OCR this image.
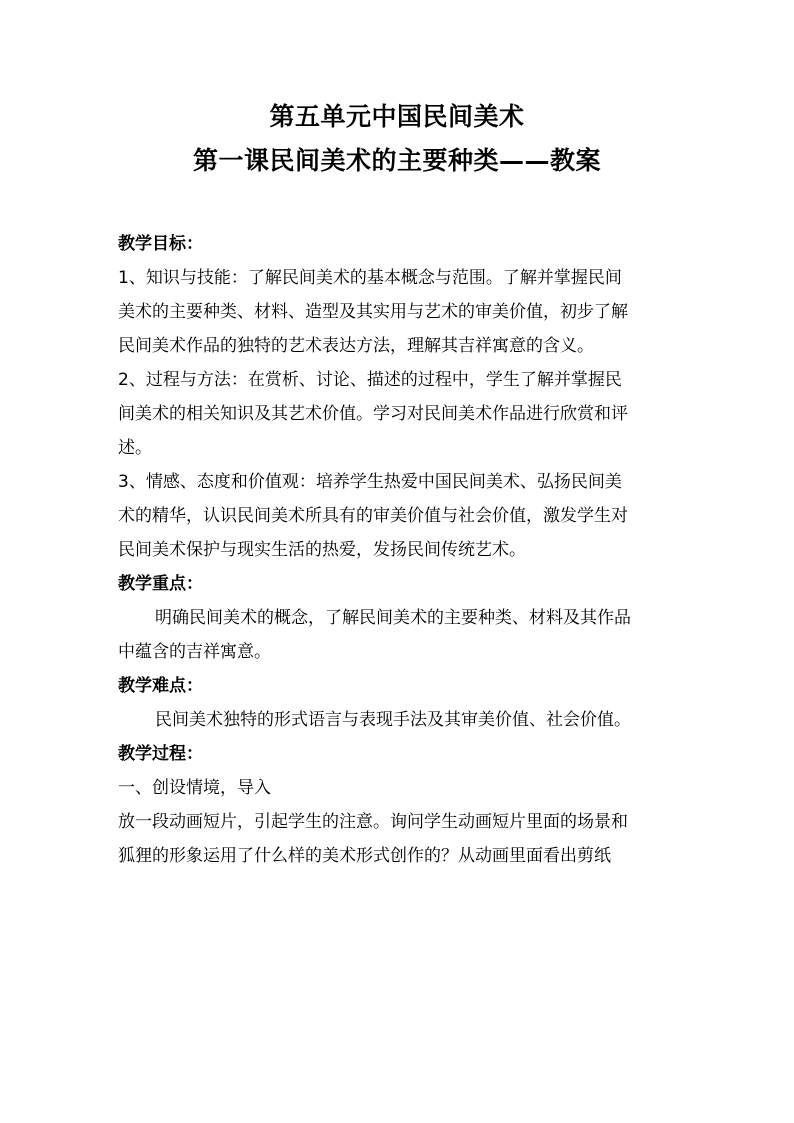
第五单元中国民间美术
第一课民间美术的主要种类——教案

教学目标：

1、知识与技能：了解民间美术的基本概念与范围。了解并掌握民间

美术的主要种类、材料、造型及其实用与艺术的审美价值，初步了解

民间美术作品的独特的艺术表达方法，理解其吉祥寓意的含义。

2、过程与方法：在赏析、讨论、描述的过程中，学生了解并掌握民

间美术的相关知识及其艺术价值。学习对民间美术作品进行欣赏和评

述。

3、情感、态度和价值观：培养学生热爱中国民间美术、弘扬民间美

术的精华，认识民间美术所具有的审美价值与社会价值，激发学生对

民间美术保护与现实生活的热爱，发扬民间传统艺术。

教学重点：

明确民间美术的概念，了解民间美术的主要种类、材料及其作品

中蕴含的吉祥寓意。

教学难点：

民间美术独特的形式语言与表现手法及其审美价值、社会价值。

教学过程：

一、创设情境，导入

放一段动画短片，引起学生的注意。询问学生动画短片里面的场景和

狐狸的形象运用了什么样的美术形式创作的？从动画里面看出剪纸
